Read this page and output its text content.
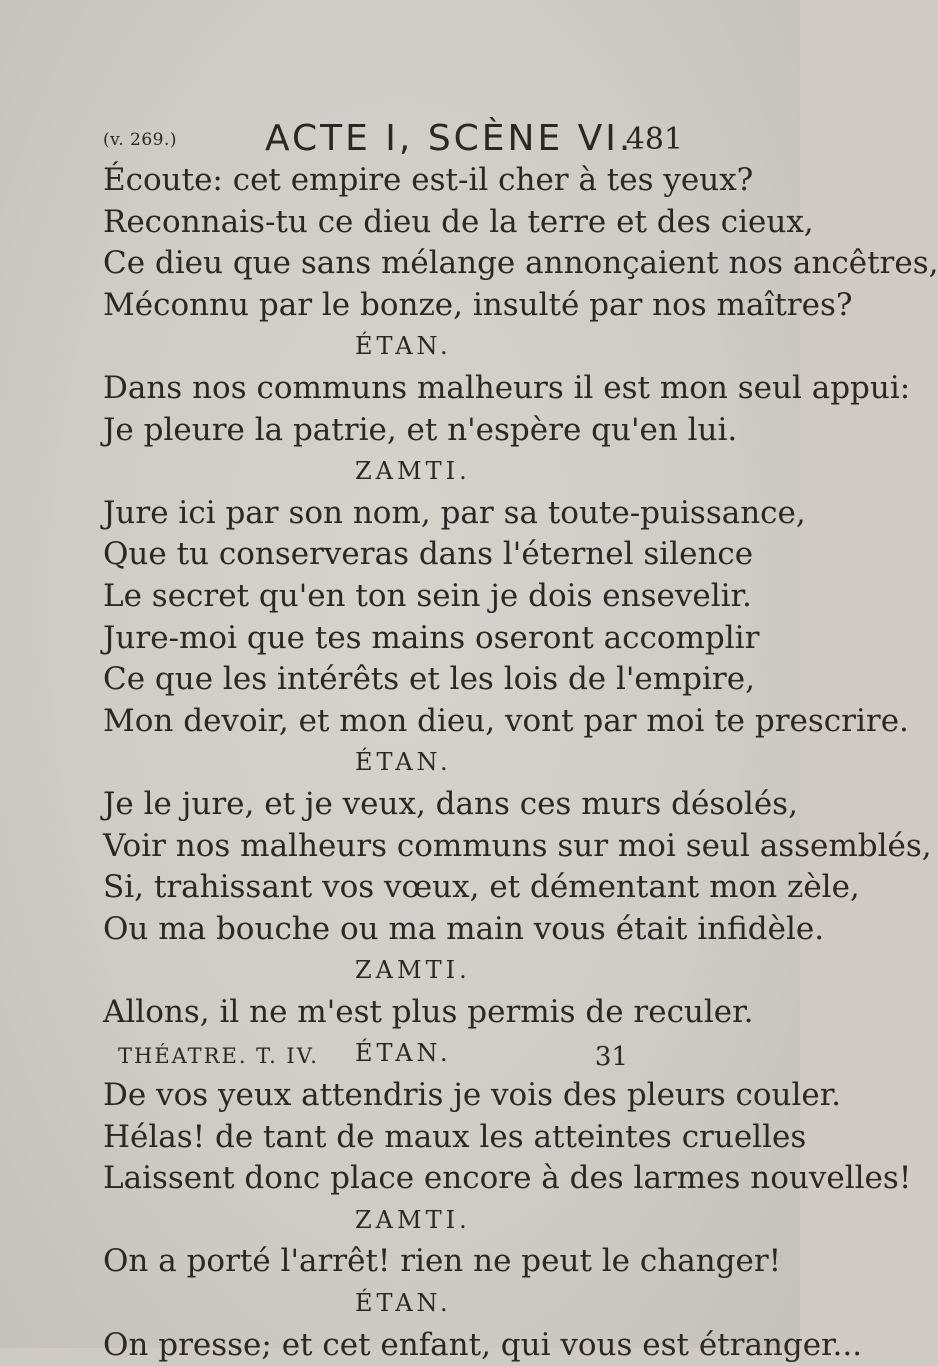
(v. 269.) ACTE I, SCÈNE VI.
481
Écoute: cet empire est-il cher à tes yeux?
Reconnais-tu ce dieu de la terre et des cieux,
Ce dieu que sans mélange annonçaient nos ancêtres,
Méconnu par le bonze, insulté par nos maîtres?
ÉTAN.
Dans nos communs malheurs il est mon seul appui:
Je pleure la patrie, et n'espère qu'en lui.
ZAMTI.
Jure ici par son nom, par sa toute-puissance,
Que tu conserveras dans l'éternel silence
Le secret qu'en ton sein je dois ensevelir.
Jure-moi que tes mains oseront accomplir
Ce que les intérêts et les lois de l'empire,
Mon devoir, et mon dieu, vont par moi te prescrire.
ÉTAN.
Je le jure, et je veux, dans ces murs désolés,
Voir nos malheurs communs sur moi seul assemblés,
Si, trahissant vos vœux, et démentant mon zèle,
Ou ma bouche ou ma main vous était infidèle.
ZAMTI.
Allons, il ne m'est plus permis de reculer.
ÉTAN.
De vos yeux attendris je vois des pleurs couler.
Hélas! de tant de maux les atteintes cruelles
Laissent donc place encore à des larmes nouvelles!
ZAMTI.
On a porté l'arrêt! rien ne peut le changer!
ÉTAN.
On presse; et cet enfant, qui vous est étranger...
THÉATRE. T. IV.	31
